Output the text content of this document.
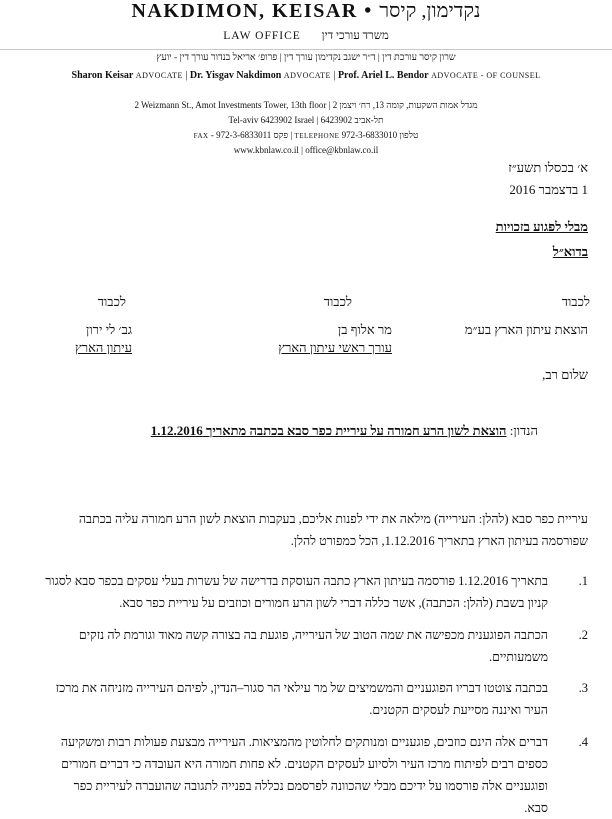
NAKDIMON, KEISAR • נקדימון, קיסר
LAW OFFICE משרד עורכי דין
שרון קיסר עורכת דין | ד״ר ישגב נקדימון עורך דין | פרופ׳ אריאל בנדור עורך דין - יועץ
Sharon Keisar ADVOCATE | Dr. Yisgav Nakdimon ADVOCATE | Prof. Ariel L. Bendor ADVOCATE - OF COUNSEL
2 Weizmann St., Amot Investments Tower, 13th floor | מגדל אמות השקעות, קומה 13, רח׳ ויצמן 2
Tel-aviv 6423902 Israel | תל-אביב 6423902
FAX - 972-3-6833011 פקס | TELEPHONE 972-3-6833010 טלפון
www.kbnlaw.co.il | office@kbnlaw.co.il
א׳ בכסלו תשע״ז
1 בדצמבר 2016
מבלי לפגוע בזכויות
בדוא״ל
לכבוד
הוצאת עיתון הארץ בע״מ
לכבוד
מר אלוף בן
עורך ראשי עיתון הארץ
לכבוד
גב׳ לי ירון
עיתון הארץ
שלום רב,
הנדון: הוצאת לשון הרע חמורה על עיריית כפר סבא בכתבה מתאריך 1.12.2016
עיריית כפר סבא (להלן: העירייה) מילאה את ידי לפנות אליכם, בעקבות הוצאת לשון הרע חמורה עליה בכתבה
שפורסמה בעיתון הארץ בתאריך 1.12.2016, הכל כמפורט להלן.
1.
בתאריך 1.12.2016 פורסמה בעיתון הארץ כתבה העוסקת בדרישה של עשרות בעלי עסקים בכפר סבא לסגור
קניון בשבת (להלן: הכתבה), אשר כללה דברי לשון הרע חמורים וכוזבים על עיריית כפר סבא.
2.
הכתבה הפוגענית מכפישה את שמה הטוב של העירייה, פוגעת בה בצורה קשה מאוד וגורמת לה נזקים
משמעותיים.
3.
בכתבה צוטטו דבריו הפוגעניים והמשמיצים של מר עילאי הר סגור–הנדין, לפיהם העירייה מזניחה את מרכז
העיר ואיננה מסייעת לעסקים הקטנים.
4.
דברים אלה הינם כוזבים, פוגעניים ומנותקים לחלוטין מהמציאות. העירייה מבצעת פעולות רבות ומשקיעה
כספים רבים לפיתוח מרכז העיר ולסיוע לעסקים הקטנים. לא פחות חמורה היא העובדה כי דברים חמורים
ופוגעניים אלה פורסמו על ידיכם מבלי שהכוונה לפרסמם נכללה בפנייה לתגובה שהועברה לעיריית כפר
סבא.
